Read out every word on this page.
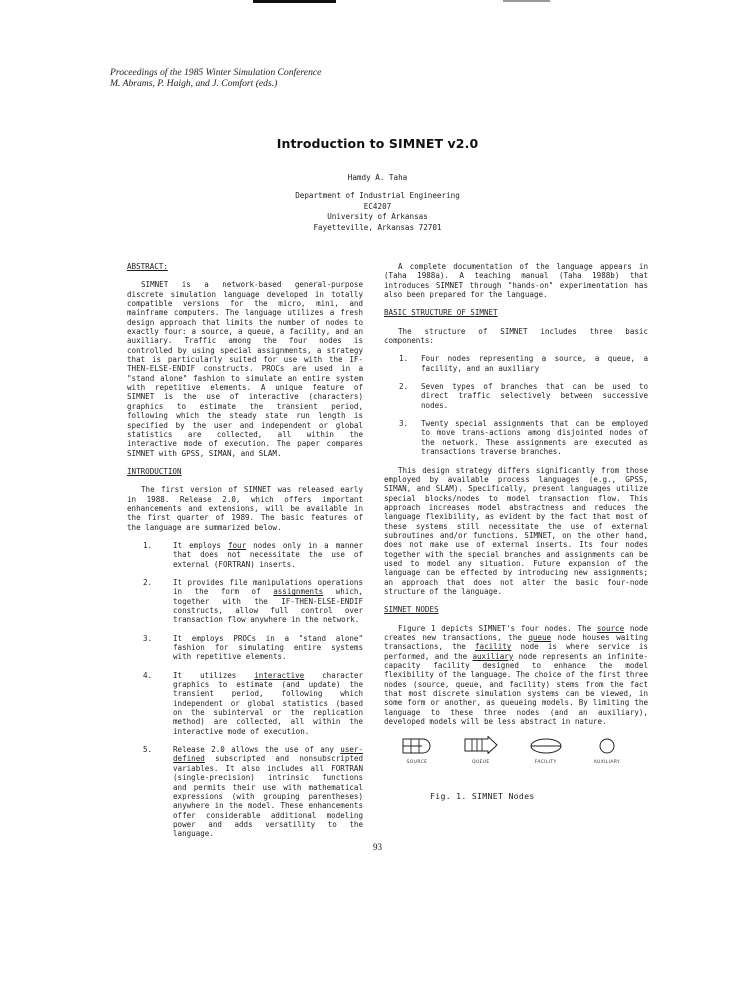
Proceedings of the 1985 Winter Simulation Conference
M. Abrams, P. Haigh, and J. Comfort (eds.)
Introduction to SIMNET v2.0
Hamdy A. Taha
Department of Industrial Engineering
EC4207
University of Arkansas
Fayetteville, Arkansas 72701
ABSTRACT:

SIMNET is a network-based general-purpose discrete simulation language developed in totally compatible versions for the micro, mini, and mainframe computers. The language utilizes a fresh design approach that limits the number of nodes to exactly four: a source, a queue, a facility, and an auxiliary. Traffic among the four nodes is controlled by using special assignments, a strategy that is particularly suited for use with the IF-THEN-ELSE-ENDIF constructs. PROCs are used in a "stand alone" fashion to simulate an entire system with repetitive elements. A unique feature of SIMNET is the use of interactive (characters) graphics to estimate the transient period, following which the steady state run length is specified by the user and independent or global statistics are collected, all within the interactive mode of execution. The paper compares SIMNET with GPSS, SIMAN, and SLAM.

INTRODUCTION

The first version of SIMNET was released early in 1988. Release 2.0, which offers important enhancements and extensions, will be available in the first quarter of 1989. The basic features of the language are summarized below.

1.	It employs four nodes only in a manner that does not necessitate the use of external (FORTRAN) inserts.
2.	It provides file manipulations operations in the form of assignments which, together with the IF-THEN-ELSE-ENDIF constructs, allow full control over transaction flow anywhere in the network.
3.	It employs PROCs in a "stand alone" fashion for simulating entire systems with repetitive elements.
4.	It utilizes interactive character graphics to estimate (and update) the transient period, following which independent or global statistics (based on the subinterval or the replication method) are collected, all within the interactive mode of execution.
5.	Release 2.0 allows the use of any user-defined subscripted and nonsubscripted variables. It also includes all FORTRAN (single-precision) intrinsic functions and permits their use with mathematical expressions (with grouping parentheses) anywhere in the model. These enhancements offer considerable additional modeling power and adds versatility to the language.

A complete documentation of the language appears in (Taha 1988a). A teaching manual (Taha 1988b) that introduces SIMNET through "hands-on" experimentation has also been prepared for the language.

BASIC STRUCTURE OF SIMNET

The structure of SIMNET includes three basic components:

1.	Four nodes representing a source, a queue, a facility, and an auxiliary
2.	Seven types of branches that can be used to direct traffic selectively between successive nodes.
3.	Twenty special assignments that can be employed to move trans-actions among disjointed nodes of the network. These assignments are executed as transactions traverse branches.

This design strategy differs significantly from those employed by available process languages (e.g., GPSS, SIMAN, and SLAM). Specifically, present languages utilize special blocks/nodes to model transaction flow. This approach increases model abstractness and reduces the language flexibility, as evident by the fact that most of these systems still necessitate the use of external subroutines and/or functions. SIMNET, on the other hand, does not make use of external inserts. Its four nodes together with the special branches and assignments can be used to model any situation. Future expansion of the language can be effected by introducing new assignments; an approach that does not alter the basic four-node structure of the language.

SIMNET NODES

Figure 1 depicts SIMNET's four nodes. The source node creates new transactions, the queue node houses waiting transactions, the facility node is where service is performed, and the auxiliary node represents an infinite-capacity facility designed to enhance the model flexibility of the language. The choice of the first three nodes (source, queue, and facility) stems from the fact that most discrete simulation systems can be viewed, in some form or another, as queueing models. By limiting the language to these three nodes (and an auxiliary), developed models will be less abstract in nature.

SOURCE	QUEUE	FACILITY	AUXILIARY
Fig. 1. SIMNET Nodes
93
